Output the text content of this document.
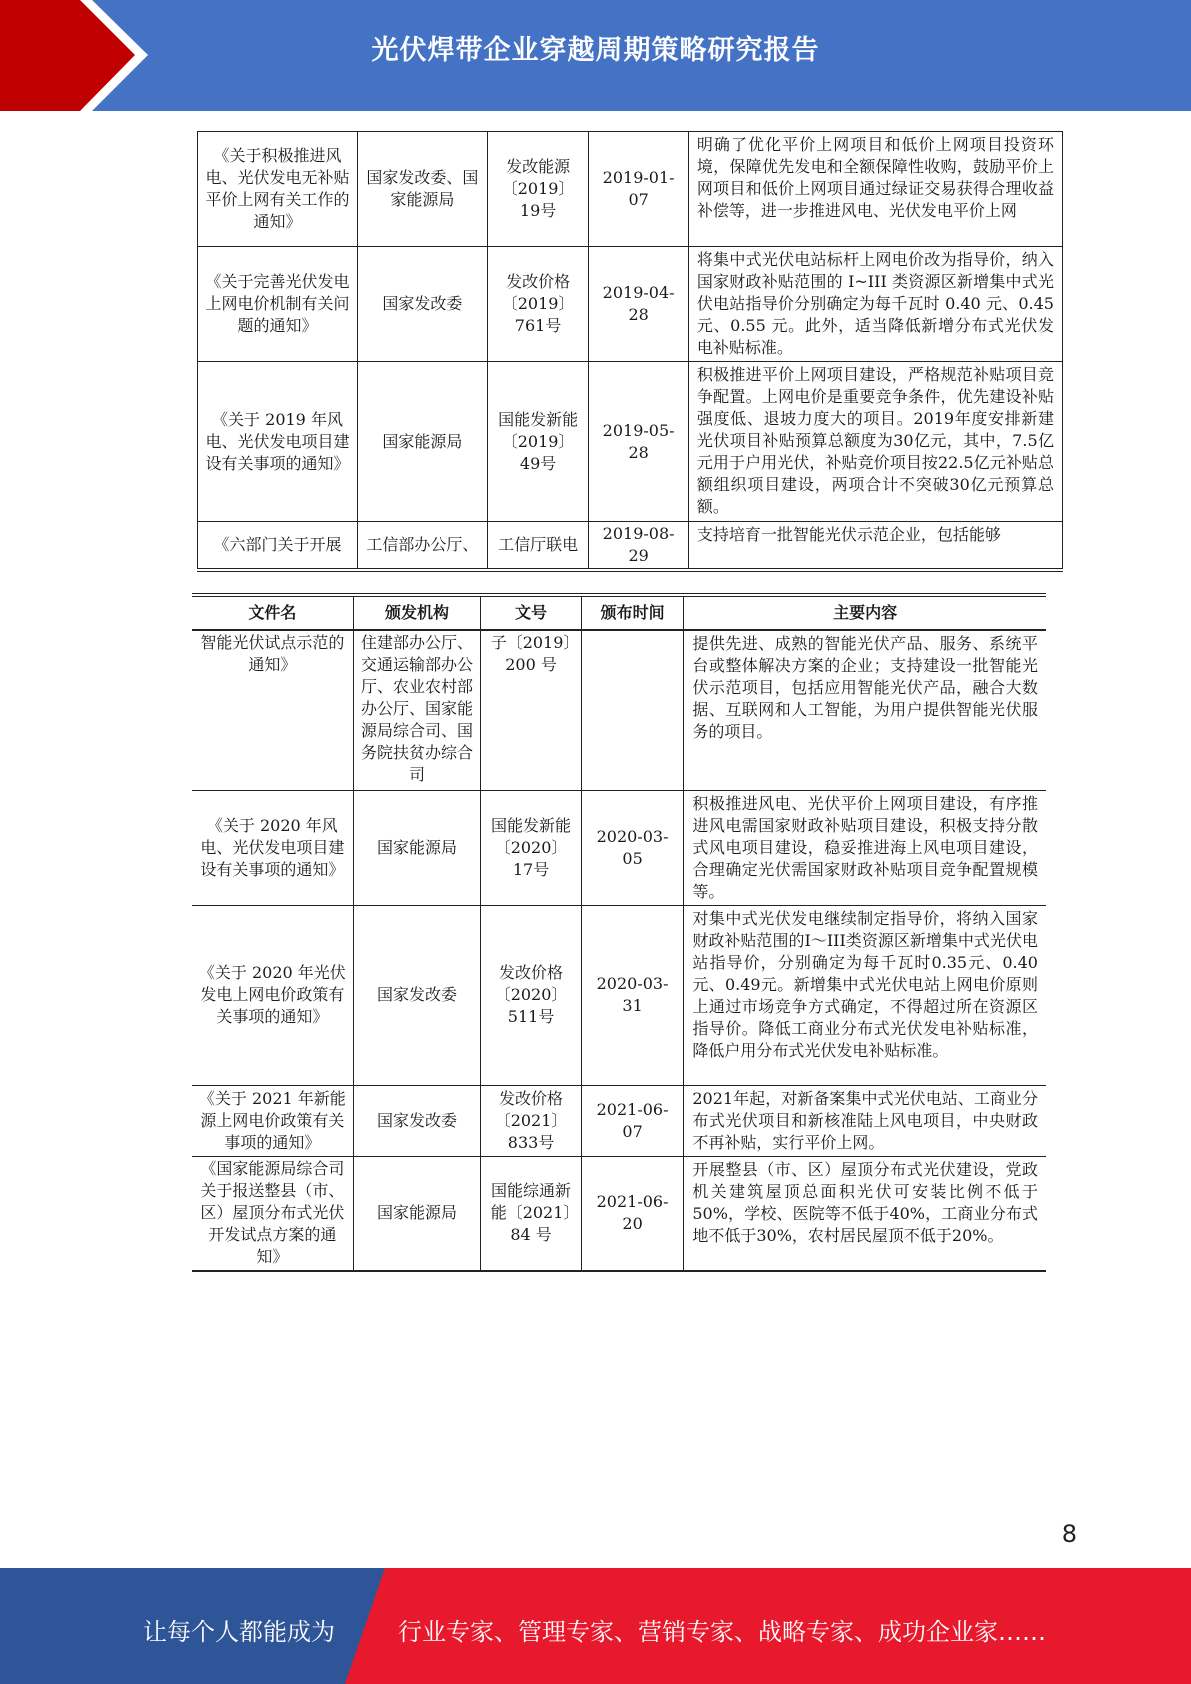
光伏焊带企业穿越周期策略研究报告
《关于积极推进风电、光伏发电无补贴平价上网有关工作的通知》	国家发改委、国家能源局	发改能源〔2019〕19号	2019-01-07	明确了优化平价上网项目和低价上网项目投资环境，保障优先发电和全额保障性收购，鼓励平价上网项目和低价上网项目通过绿证交易获得合理收益补偿等，进一步推进风电、光伏发电平价上网
《关于完善光伏发电上网电价机制有关问题的通知》	国家发改委	发改价格〔2019〕761号	2019-04-28	将集中式光伏电站标杆上网电价改为指导价，纳入国家财政补贴范围的 I~III 类资源区新增集中式光伏电站指导价分别确定为每千瓦时 0.40 元、0.45 元、0.55 元。此外，适当降低新增分布式光伏发电补贴标准。
《关于 2019 年风电、光伏发电项目建设有关事项的通知》	国家能源局	国能发新能〔2019〕49号	2019-05-28	积极推进平价上网项目建设，严格规范补贴项目竞争配置。上网电价是重要竞争条件，优先建设补贴强度低、退坡力度大的项目。2019年度安排新建光伏项目补贴预算总额度为30亿元，其中，7.5亿元用于户用光伏，补贴竞价项目按22.5亿元补贴总额组织项目建设，两项合计不突破30亿元预算总额。
《六部门关于开展	工信部办公厅、	工信厅联电	2019-08-29	支持培育一批智能光伏示范企业，包括能够
文件名	颁发机构	文号	颁布时间	主要内容
智能光伏试点示范的通知》	住建部办公厅、交通运输部办公厅、农业农村部办公厅、国家能源局综合司、国务院扶贫办综合司	子〔2019〕200 号		提供先进、成熟的智能光伏产品、服务、系统平台或整体解决方案的企业；支持建设一批智能光伏示范项目，包括应用智能光伏产品，融合大数据、互联网和人工智能，为用户提供智能光伏服务的项目。
《关于 2020 年风电、光伏发电项目建设有关事项的通知》	国家能源局	国能发新能〔2020〕17号	2020-03-05	积极推进风电、光伏平价上网项目建设，有序推进风电需国家财政补贴项目建设，积极支持分散式风电项目建设，稳妥推进海上风电项目建设，合理确定光伏需国家财政补贴项目竞争配置规模等。
《关于 2020 年光伏发电上网电价政策有关事项的通知》	国家发改委	发改价格〔2020〕511号	2020-03-31	对集中式光伏发电继续制定指导价，将纳入国家财政补贴范围的I～III类资源区新增集中式光伏电站指导价，分别确定为每千瓦时0.35元、0.40元、0.49元。新增集中式光伏电站上网电价原则上通过市场竞争方式确定，不得超过所在资源区指导价。降低工商业分布式光伏发电补贴标准，降低户用分布式光伏发电补贴标准。
《关于 2021 年新能源上网电价政策有关事项的通知》	国家发改委	发改价格〔2021〕833号	2021-06-07	2021年起，对新备案集中式光伏电站、工商业分布式光伏项目和新核准陆上风电项目，中央财政不再补贴，实行平价上网。
《国家能源局综合司关于报送整县（市、区）屋顶分布式光伏开发试点方案的通知》	国家能源局	国能综通新能〔2021〕84 号	2021-06-20	开展整县（市、区）屋顶分布式光伏建设，党政机关建筑屋顶总面积光伏可安装比例不低于50%，学校、医院等不低于40%，工商业分布式地不低于30%，农村居民屋顶不低于20%。
8
让每个人都能成为	行业专家、管理专家、营销专家、战略专家、成功企业家……
